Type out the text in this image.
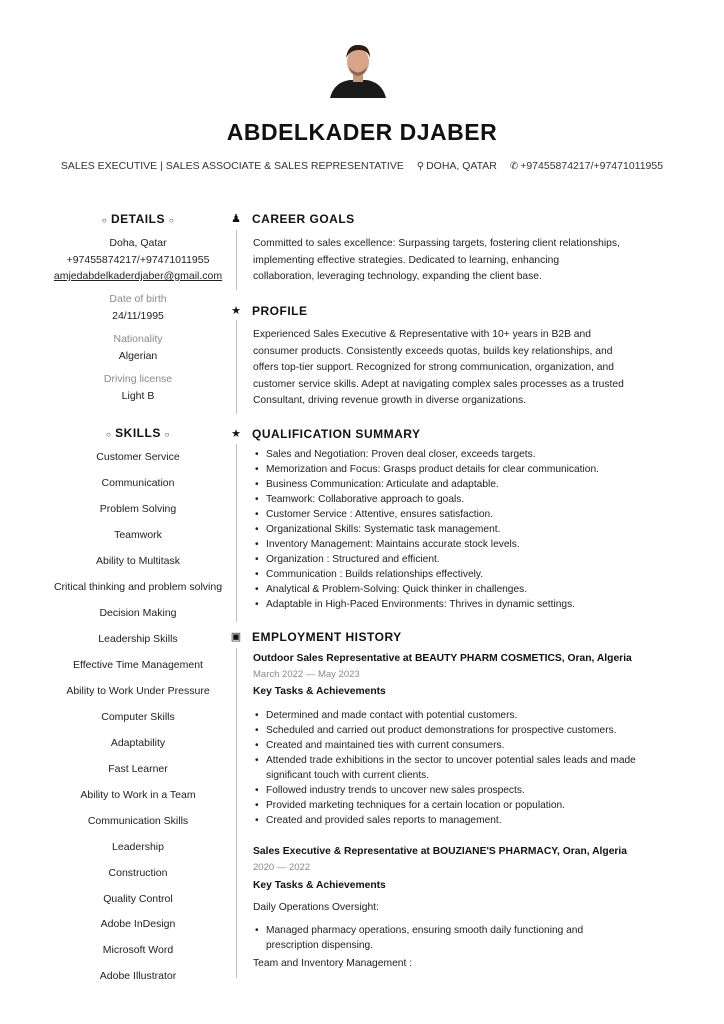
ABDELKADER DJABER
SALES EXECUTIVE | SALES ASSOCIATE & SALES REPRESENTATIVE ⚲ DOHA, QATAR ✆ +97455874217/+97471011955
○ DETAILS ○
Doha, Qatar
+97455874217/+97471011955
amjedabdelkaderdjaber@gmail.com
Date of birth
24/11/1995
Nationality
Algerian
Driving license
Light B
○ SKILLS ○
Customer Service
Communication
Problem Solving
Teamwork
Ability to Multitask
Critical thinking and problem solving
Decision Making
Leadership Skills
Effective Time Management
Ability to Work Under Pressure
Computer Skills
Adaptability
Fast Learner
Ability to Work in a Team
Communication Skills
Leadership
Construction
Quality Control
Adobe InDesign
Microsoft Word
Adobe Illustrator
♟ CAREER GOALS
Committed to sales excellence: Surpassing targets, fostering client relationships,
implementing effective strategies. Dedicated to learning, enhancing
collaboration, leveraging technology, expanding the client base.
★ PROFILE
Experienced Sales Executive & Representative with 10+ years in B2B and
consumer products. Consistently exceeds quotas, builds key relationships, and
offers top-tier support. Recognized for strong communication, organization, and
customer service skills. Adept at navigating complex sales processes as a trusted
Consultant, driving revenue growth in diverse organizations.
★ QUALIFICATION SUMMARY
• Sales and Negotiation: Proven deal closer, exceeds targets.
• Memorization and Focus: Grasps product details for clear communication.
• Business Communication: Articulate and adaptable.
• Teamwork: Collaborative approach to goals.
• Customer Service : Attentive, ensures satisfaction.
• Organizational Skills: Systematic task management.
• Inventory Management: Maintains accurate stock levels.
• Organization : Structured and efficient.
• Communication : Builds relationships effectively.
• Analytical & Problem-Solving: Quick thinker in challenges.
• Adaptable in High-Paced Environments: Thrives in dynamic settings.
▣ EMPLOYMENT HISTORY
Outdoor Sales Representative at BEAUTY PHARM COSMETICS, Oran, Algeria
March 2022 — May 2023
Key Tasks & Achievements
• Determined and made contact with potential customers.
• Scheduled and carried out product demonstrations for prospective customers.
• Created and maintained ties with current consumers.
• Attended trade exhibitions in the sector to uncover potential sales leads and made significant touch with current clients.
• Followed industry trends to uncover new sales prospects.
• Provided marketing techniques for a certain location or population.
• Created and provided sales reports to management.
Sales Executive & Representative at BOUZIANE'S PHARMACY, Oran, Algeria
2020 — 2022
Key Tasks & Achievements
Daily Operations Oversight:
• Managed pharmacy operations, ensuring smooth daily functioning and prescription dispensing.
Team and Inventory Management :
